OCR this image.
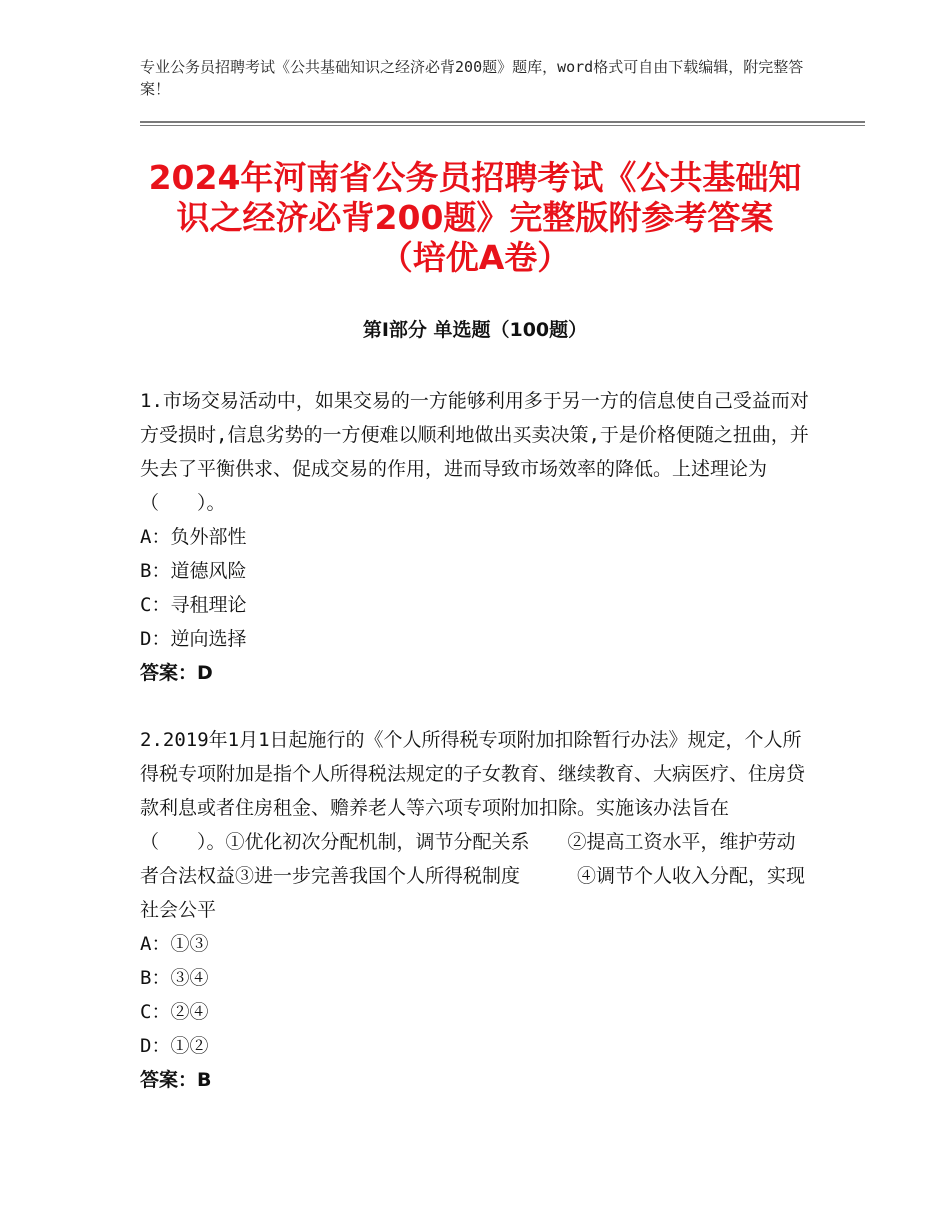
专业公务员招聘考试《公共基础知识之经济必背200题》题库，word格式可自由下载编辑，附完整答案！
2024年河南省公务员招聘考试《公共基础知
识之经济必背200题》完整版附参考答案
（培优A卷）
第Ⅰ部分 单选题（100题）

1.市场交易活动中，如果交易的一方能够利用多于另一方的信息使自己受益而对方受损时,信息劣势的一方便难以顺利地做出买卖决策,于是价格便随之扭曲，并失去了平衡供求、促成交易的作用，进而导致市场效率的降低。上述理论为（　　）。

A：负外部性

B：道德风险

C：寻租理论

D：逆向选择

答案：D

2.2019年1月1日起施行的《个人所得税专项附加扣除暂行办法》规定，个人所得税专项附加是指个人所得税法规定的子女教育、继续教育、大病医疗、住房贷款利息或者住房租金、赡养老人等六项专项附加扣除。实施该办法旨在（　　）。①优化初次分配机制，调节分配关系　　②提高工资水平，维护劳动者合法权益③进一步完善我国个人所得税制度　　　④调节个人收入分配，实现社会公平

A：①③

B：③④

C：②④

D：①②

答案：B
